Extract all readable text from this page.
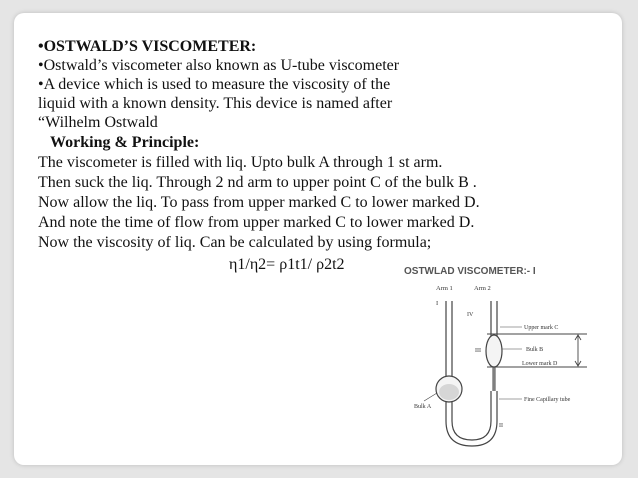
•OSTWALD’S VISCOMETER:
•Ostwald’s viscometer also known as U-tube viscometer
•A device which is used to measure the viscosity of the
liquid with a known density. This device is named after
“Wilhelm Ostwald
Working & Principle:
The viscometer is filled with liq. Upto bulk A through 1 st arm.
Then suck the liq. Through 2 nd arm to upper point C of the bulk B .
Now allow the liq. To pass from upper marked C to lower marked D.
And note the time of flow from upper marked C to lower marked D.
Now the viscosity of liq. Can be calculated by using formula;
η1/η2= ρ1t1/ ρ2t2	OSTWLAD VISCOMETER:- I
Arm 1	Arm 2
I
IV
III
II
Upper mark C
Bulk B
Lower mark D
Fine Capillary tube
Bulk A
